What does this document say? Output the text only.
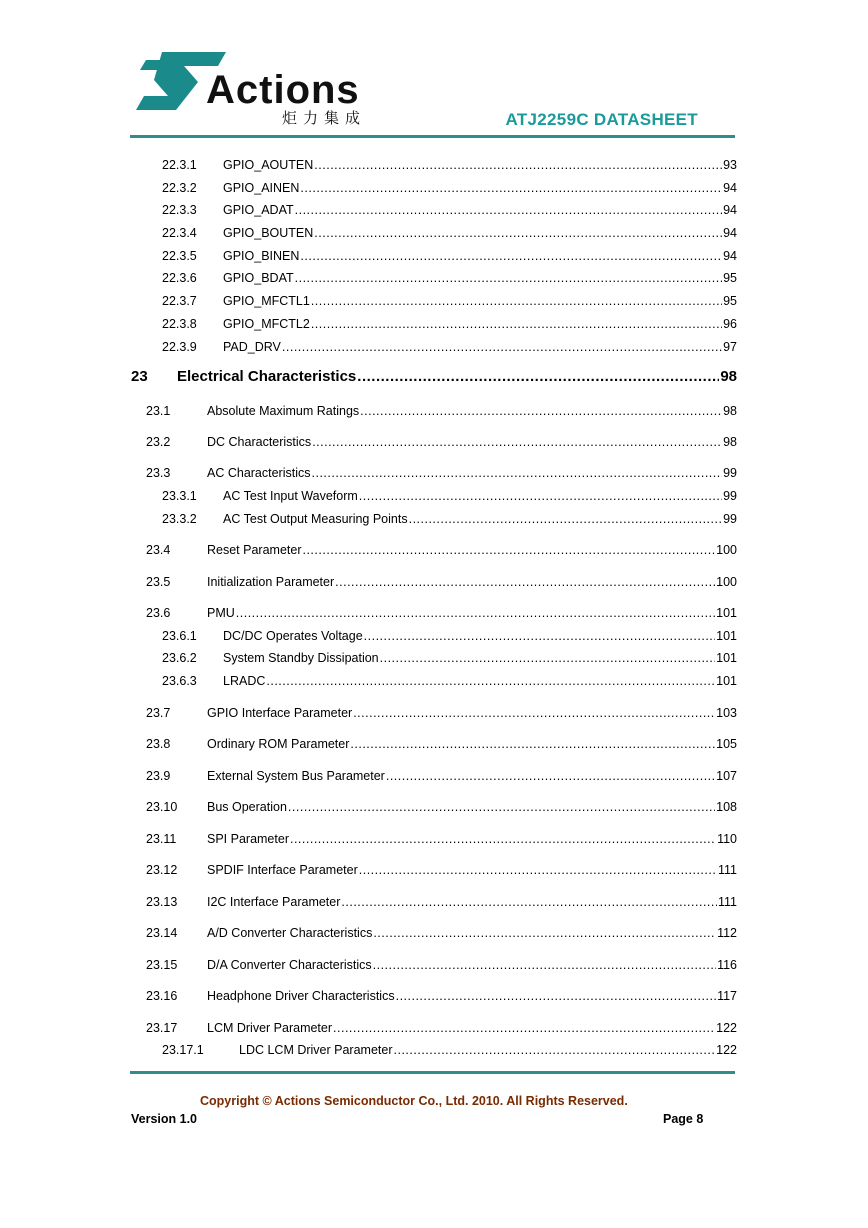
Actions
炬力集成	ATJ2259C DATASHEET
22.3.1	GPIO_AOUTEN .....	93
22.3.2	GPIO_AINEN .....	94
22.3.3	GPIO_ADAT .....	94
22.3.4	GPIO_BOUTEN .....	94
22.3.5	GPIO_BINEN .....	94
22.3.6	GPIO_BDAT .....	95
22.3.7	GPIO_MFCTL1 .....	95
22.3.8	GPIO_MFCTL2 .....	96
22.3.9	PAD_DRV .....	97
23	Electrical Characteristics .....	98
23.1	Absolute Maximum Ratings .....	98
23.2	DC Characteristics .....	98
23.3	AC Characteristics .....	99
23.3.1	AC Test Input Waveform .....	99
23.3.2	AC Test Output Measuring Points .....	99
23.4	Reset Parameter .....	100
23.5	Initialization Parameter .....	100
23.6	PMU .....	101
23.6.1	DC/DC Operates Voltage .....	101
23.6.2	System Standby Dissipation .....	101
23.6.3	LRADC .....	101
23.7	GPIO Interface Parameter .....	103
23.8	Ordinary ROM Parameter .....	105
23.9	External System Bus Parameter .....	107
23.10	Bus Operation .....	108
23.11	SPI Parameter .....	110
23.12	SPDIF Interface Parameter .....	111
23.13	I2C Interface Parameter .....	111
23.14	A/D Converter Characteristics .....	112
23.15	D/A Converter Characteristics .....	116
23.16	Headphone Driver Characteristics .....	117
23.17	LCM Driver Parameter .....	122
23.17.1	LDC LCM Driver Parameter .....	122
Copyright © Actions Semiconductor Co., Ltd. 2010. All Rights Reserved.
Version 1.0	Page 8
